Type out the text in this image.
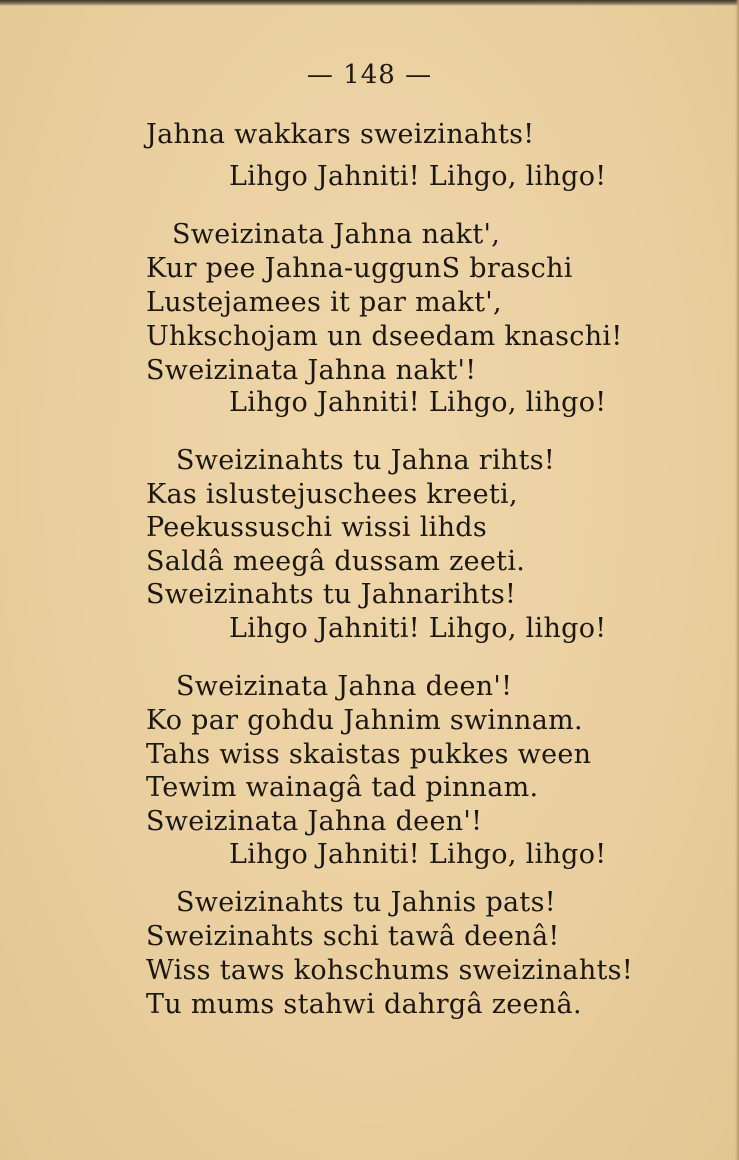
— 148 —
Jahna wakkars sweizinahts!
Lihgo Jahniti! Lihgo, lihgo!
Sweizinata Jahna nakt',
Kur pee Jahna-uggunS braschi
Lustejamees it par makt',
Uhkschojam un dseedam knaschi!
Sweizinata Jahna nakt'!
Lihgo Jahniti! Lihgo, lihgo!
Sweizinahts tu Jahna rihts!
Kas islustejuschees kreeti,
Peekussuschi wissi lihds
Saldâ meegâ dussam zeeti.
Sweizinahts tu Jahnarihts!
Lihgo Jahniti! Lihgo, lihgo!
Sweizinata Jahna deen'!
Ko par gohdu Jahnim swinnam.
Tahs wiss skaistas pukkes ween
Tewim wainagâ tad pinnam.
Sweizinata Jahna deen'!
Lihgo Jahniti! Lihgo, lihgo!
Sweizinahts tu Jahnis pats!
Sweizinahts schi tawâ deenâ!
Wiss taws kohschums sweizinahts!
Tu mums stahwi dahrgâ zeenâ.
